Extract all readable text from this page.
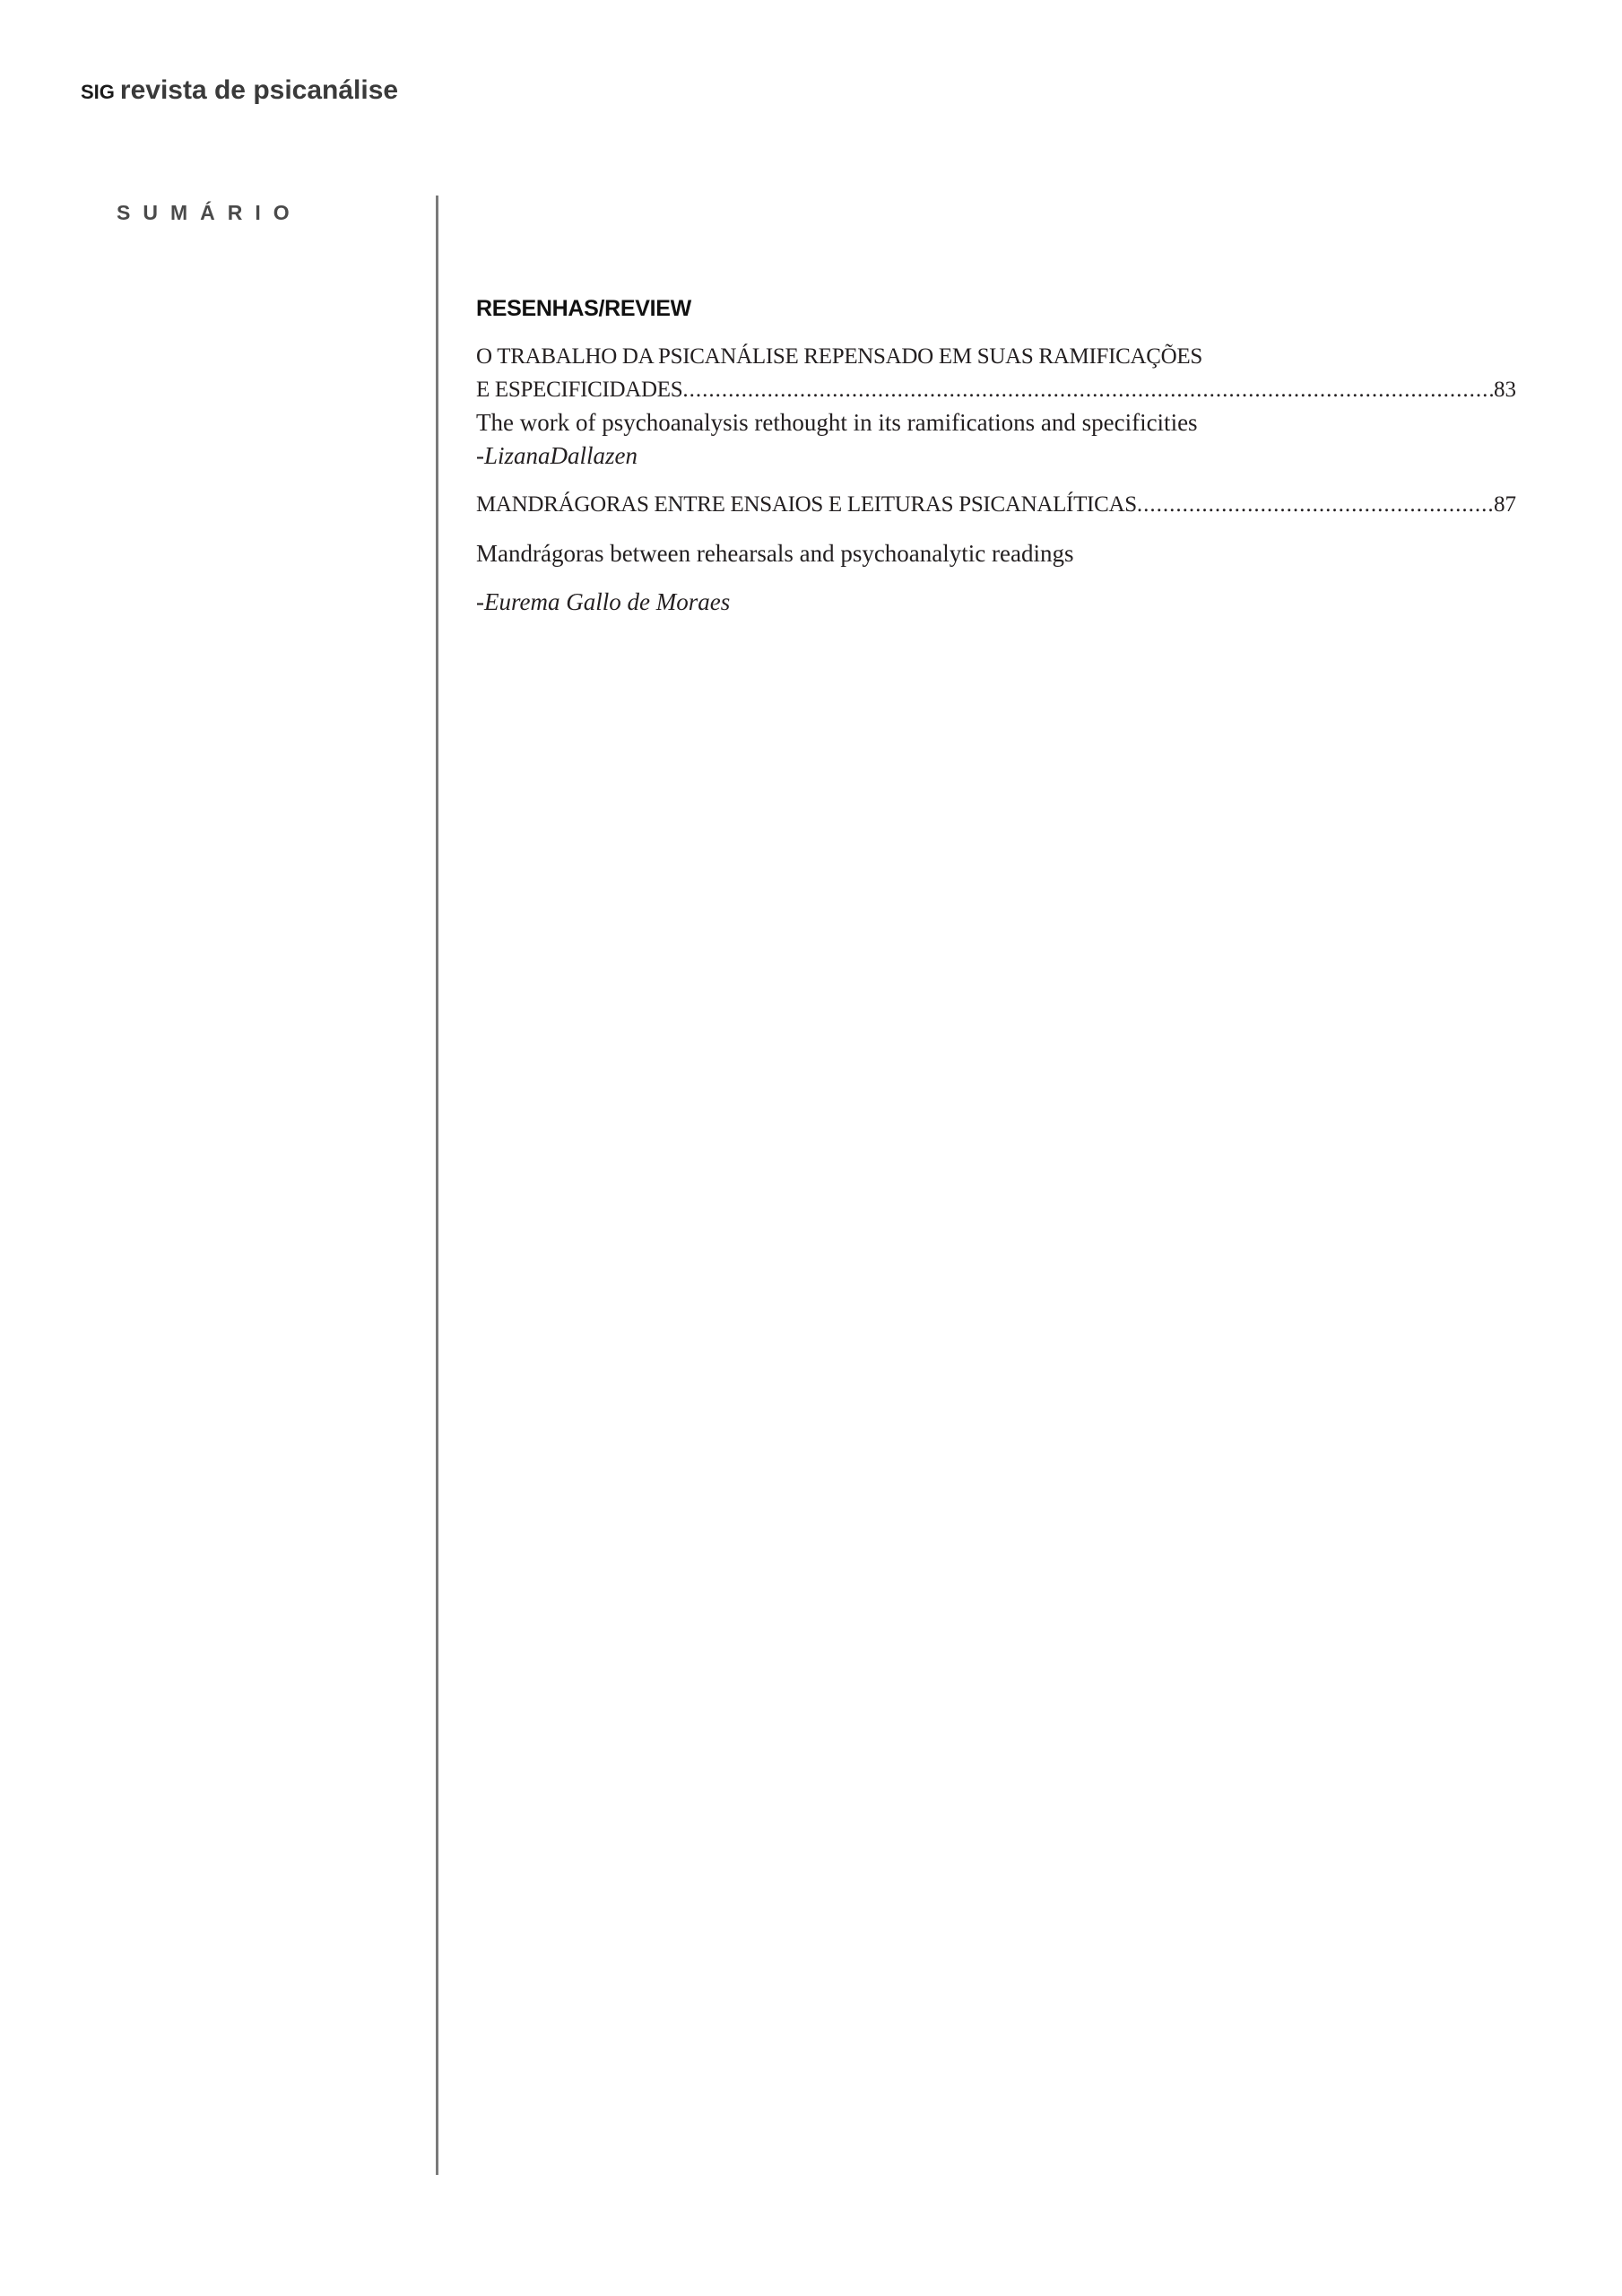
SIG revista de psicanálise
SUMÁRIO
RESENHAS/REVIEW
O TRABALHO DA PSICANÁLISE REPENSADO EM SUAS RAMIFICAÇÕES
E ESPECIFICIDADES .....	83
The work of psychoanalysis rethought in its ramifications and specificities
-LizanaDallazen
MANDRÁGORAS ENTRE ENSAIOS E LEITURAS PSICANALÍTICAS .....	87
Mandrágoras between rehearsals and psychoanalytic readings
-Eurema Gallo de Moraes
